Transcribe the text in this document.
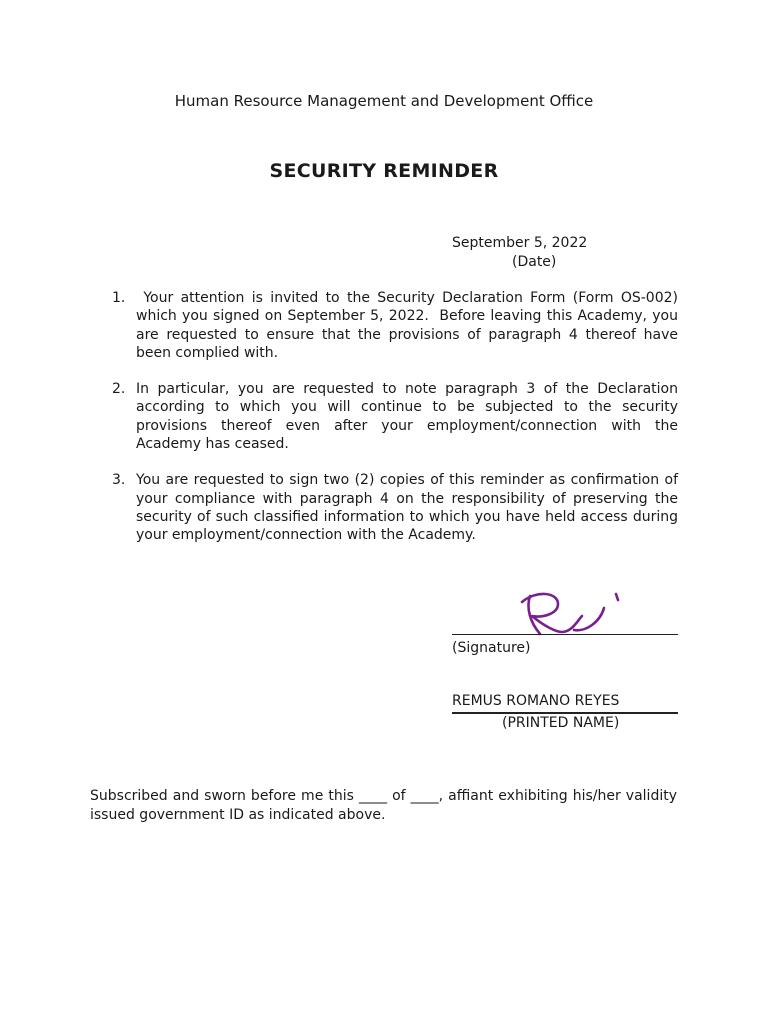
Human Resource Management and Development Office
SECURITY REMINDER
September 5, 2022
(Date)
1. Your attention is invited to the Security Declaration Form (Form OS-002) which you signed on September 5, 2022.  Before leaving this Academy, you are requested to ensure that the provisions of paragraph 4 thereof have been complied with.
2. In particular, you are requested to note paragraph 3 of the Declaration according to which you will continue to be subjected to the security provisions thereof even after your employment/connection with the Academy has ceased.
3. You are requested to sign two (2) copies of this reminder as confirmation of your compliance with paragraph 4 on the responsibility of preserving the security of such classified information to which you have held access during your employment/connection with the Academy.
(Signature)
REMUS ROMANO REYES
(PRINTED NAME)
Subscribed and sworn before me this ____ of ____, affiant exhibiting his/her validity issued government ID as indicated above.
